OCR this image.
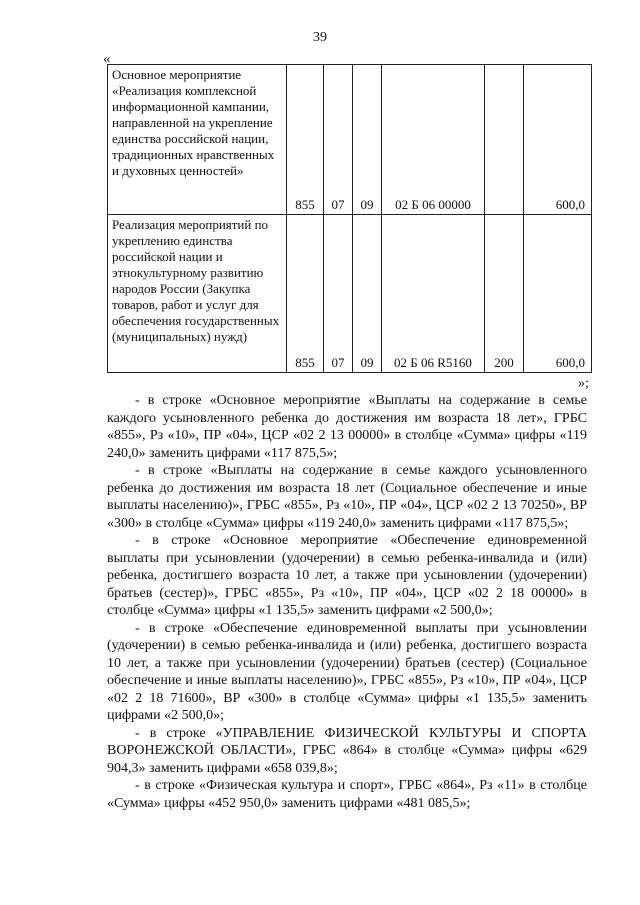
39
«
Основное мероприятие «Реализация комплексной информационной кампании, направленной на укрепление единства российской нации, традиционных нравственных и духовных ценностей»	855	07	09	02 Б 06 00000		600,0
Реализация мероприятий по укреплению единства российской нации и этнокультурному развитию народов России (Закупка товаров, работ и услуг для обеспечения государственных (муниципальных) нужд)	855	07	09	02 Б 06 R5160	200	600,0
»;

- в строке «Основное мероприятие «Выплаты на содержание в семье каждого усыновленного ребенка до достижения им возраста 18 лет», ГРБС «855», Рз «10», ПР «04», ЦСР «02 2 13 00000» в столбце «Сумма» цифры «119 240,0» заменить цифрами «117 875,5»;

- в строке «Выплаты на содержание в семье каждого усыновленного ребенка до достижения им возраста 18 лет (Социальное обеспечение и иные выплаты населению)», ГРБС «855», Рз «10», ПР «04», ЦСР «02 2 13 70250», ВР «300» в столбце «Сумма» цифры «119 240,0» заменить цифрами «117 875,5»;

- в строке «Основное мероприятие «Обеспечение единовременной выплаты при усыновлении (удочерении) в семью ребенка-инвалида и (или) ребенка, достигшего возраста 10 лет, а также при усыновлении (удочерении) братьев (сестер)», ГРБС «855», Рз «10», ПР «04», ЦСР «02 2 18 00000» в столбце «Сумма» цифры «1 135,5» заменить цифрами «2 500,0»;

- в строке «Обеспечение единовременной выплаты при усыновлении (удочерении) в семью ребенка-инвалида и (или) ребенка, достигшего возраста 10 лет, а также при усыновлении (удочерении) братьев (сестер) (Социальное обеспечение и иные выплаты населению)», ГРБС «855», Рз «10», ПР «04», ЦСР «02 2 18 71600», ВР «300» в столбце «Сумма» цифры «1 135,5» заменить цифрами «2 500,0»;

- в строке «УПРАВЛЕНИЕ ФИЗИЧЕСКОЙ КУЛЬТУРЫ И СПОРТА ВОРОНЕЖСКОЙ ОБЛАСТИ», ГРБС «864» в столбце «Сумма» цифры «629 904,3» заменить цифрами «658 039,8»;

- в строке «Физическая культура и спорт», ГРБС «864», Рз «11» в столбце «Сумма» цифры «452 950,0» заменить цифрами «481 085,5»;
